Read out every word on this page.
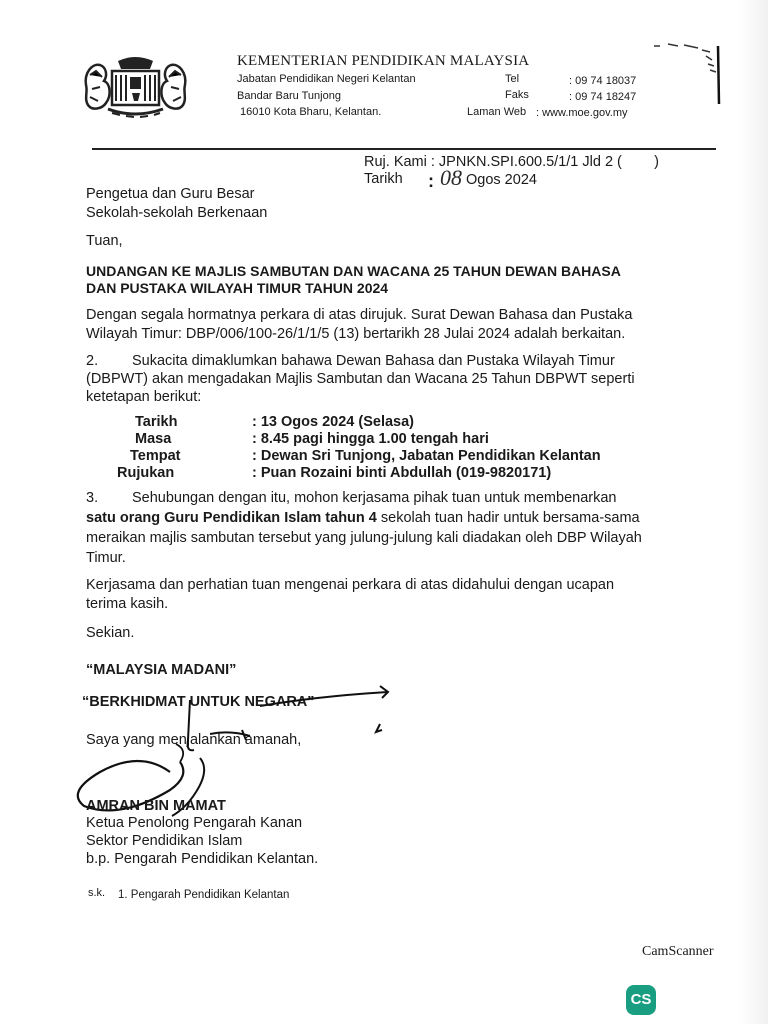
KEMENTERIAN PENDIDIKAN MALAYSIA
Jabatan Pendidikan Negeri Kelantan
Bandar Baru Tunjong
16010 Kota Bharu, Kelantan.
Tel	: 09 74 18037
Faks	: 09 74 18247
Laman Web : www.moe.gov.my
Ruj. Kami : JPNKN.SPI.600.5/1/1 Jld 2 (        )
Tarikh : 08 Ogos 2024
Pengetua dan Guru Besar
Sekolah-sekolah Berkenaan
Tuan,
UNDANGAN KE MAJLIS SAMBUTAN DAN WACANA 25 TAHUN DEWAN BAHASA
DAN PUSTAKA WILAYAH TIMUR TAHUN 2024
Dengan segala hormatnya perkara di atas dirujuk. Surat Dewan Bahasa dan Pustaka
Wilayah Timur: DBP/006/100-26/1/1/5 (13) bertarikh 28 Julai 2024 adalah berkaitan.
2. Sukacita dimaklumkan bahawa Dewan Bahasa dan Pustaka Wilayah Timur
(DBPWT) akan mengadakan Majlis Sambutan dan Wacana 25 Tahun DBPWT seperti
ketetapan berikut:
Tarikh	: 13 Ogos 2024 (Selasa)
Masa	: 8.45 pagi hingga 1.00 tengah hari
Tempat	: Dewan Sri Tunjong, Jabatan Pendidikan Kelantan
Rujukan	: Puan Rozaini binti Abdullah (019-9820171)
3. Sehubungan dengan itu, mohon kerjasama pihak tuan untuk membenarkan
satu orang Guru Pendidikan Islam tahun 4 sekolah tuan hadir untuk bersama-sama
meraikan majlis sambutan tersebut yang julung-julung kali diadakan oleh DBP Wilayah
Timur.
Kerjasama dan perhatian tuan mengenai perkara di atas didahului dengan ucapan
terima kasih.
Sekian.
“MALAYSIA MADANI”
“BERKHIDMAT UNTUK NEGARA”
Saya yang menjalankan amanah,
AMRAN BIN MAMAT
Ketua Penolong Pengarah Kanan
Sektor Pendidikan Islam
b.p. Pengarah Pendidikan Kelantan.
s.k. 1. Pengarah Pendidikan Kelantan
CamScanner
CS
